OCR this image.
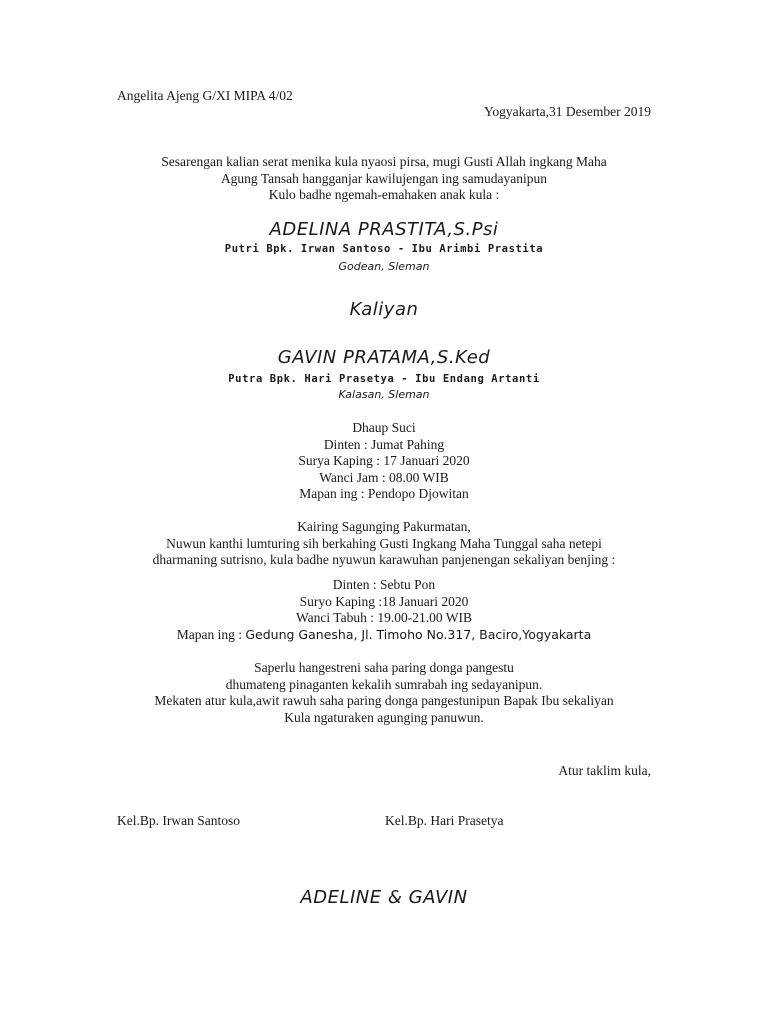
Angelita Ajeng G/XI MIPA 4/02
Yogyakarta,31 Desember 2019
Sesarengan kalian serat menika kula nyaosi pirsa, mugi Gusti Allah ingkang Maha
Agung Tansah hangganjar kawilujengan ing samudayanipun
Kulo badhe ngemah-emahaken anak kula :
ADELINA PRASTITA,S.Psi
Putri Bpk. Irwan Santoso - Ibu Arimbi Prastita
Godean, Sleman
Kaliyan
GAVIN PRATAMA,S.Ked
Putra Bpk. Hari Prasetya - Ibu Endang Artanti
Kalasan, Sleman
Dhaup Suci
Dinten : Jumat Pahing
Surya Kaping : 17 Januari 2020
Wanci Jam : 08.00 WIB
Mapan ing : Pendopo Djowitan
Kairing Sagunging Pakurmatan,
Nuwun kanthi lumturing sih berkahing Gusti Ingkang Maha Tunggal saha netepi
dharmaning sutrisno, kula badhe nyuwun karawuhan panjenengan sekaliyan benjing :
Dinten : Sebtu Pon
Suryo Kaping :18 Januari 2020
Wanci Tabuh : 19.00-21.00 WIB
Mapan ing : Gedung Ganesha, Jl. Timoho No.317, Baciro,Yogyakarta
Saperlu hangestreni saha paring donga pangestu
dhumateng pinaganten kekalih sumrabah ing sedayanipun.
Mekaten atur kula,awit rawuh saha paring donga pangestunipun Bapak Ibu sekaliyan
Kula ngaturaken agunging panuwun.
Atur taklim kula,
Kel.Bp. Irwan Santoso	Kel.Bp. Hari Prasetya
ADELINE & GAVIN
